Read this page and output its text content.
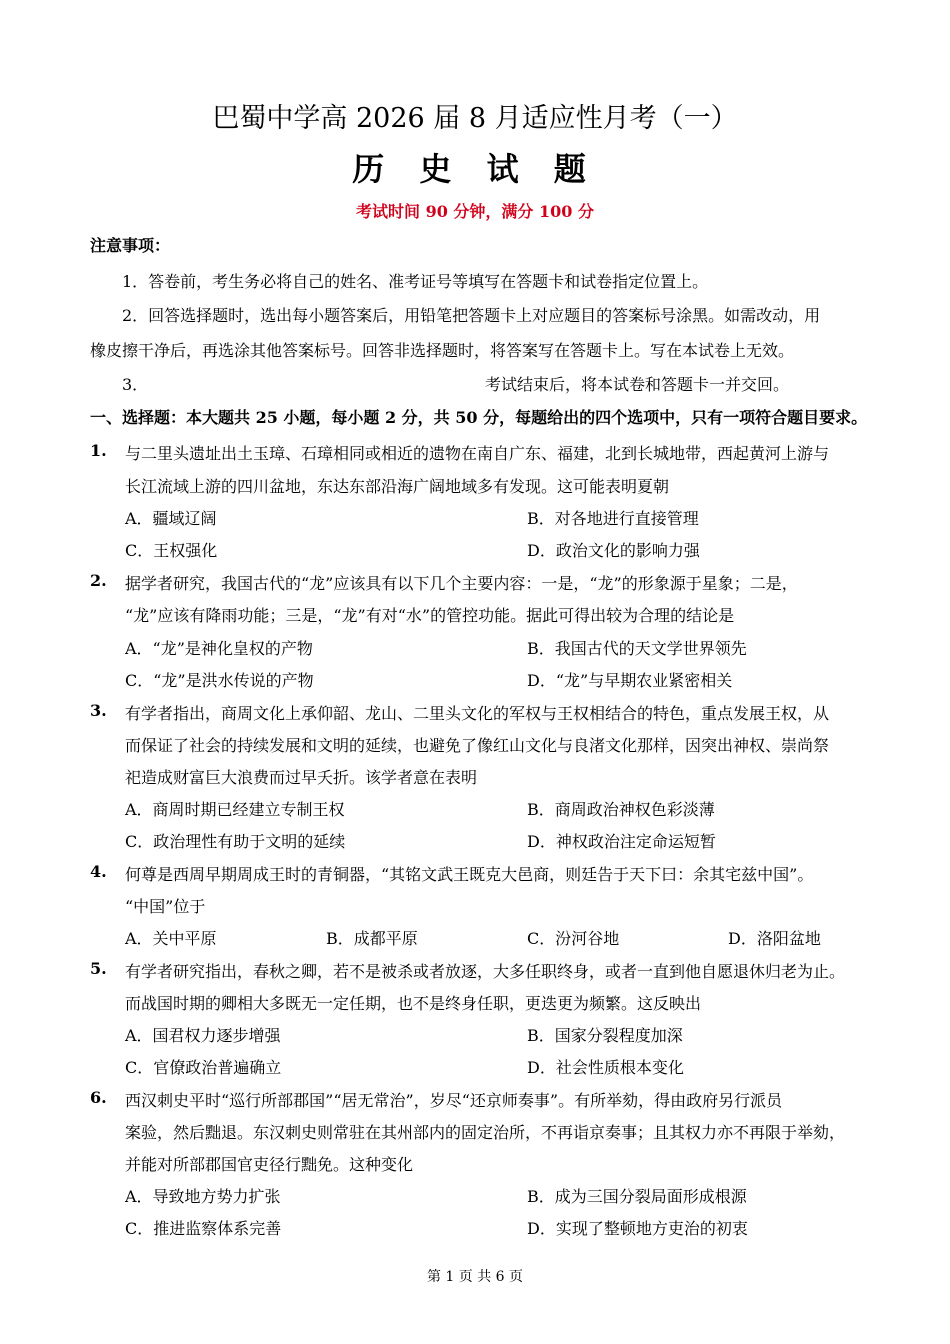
巴蜀中学高 2026 届 8 月适应性月考（一）
历 史 试 题
考试时间 90 分钟，满分 100 分
注意事项：
1．答卷前，考生务必将自己的姓名、准考证号等填写在答题卡和试卷指定位置上。
2．回答选择题时，选出每小题答案后，用铅笔把答题卡上对应题目的答案标号涂黑。如需改动，用
橡皮擦干净后，再选涂其他答案标号。回答非选择题时，将答案写在答题卡上。写在本试卷上无效。
3．	考试结束后，将本试卷和答题卡一并交回。
一、选择题：本大题共 25 小题，每小题 2 分，共 50 分，每题给出的四个选项中，只有一项符合题目要求。
1. 与二里头遗址出土玉璋、石璋相同或相近的遗物在南自广东、福建，北到长城地带，西起黄河上游与
长江流域上游的四川盆地，东达东部沿海广阔地域多有发现。这可能表明夏朝
A．疆域辽阔	B．对各地进行直接管理
C．王权强化	D．政治文化的影响力强
2. 据学者研究，我国古代的“龙”应该具有以下几个主要内容：一是，“龙”的形象源于星象；二是，
“龙”应该有降雨功能；三是，“龙”有对“水”的管控功能。据此可得出较为合理的结论是
A．“龙”是神化皇权的产物	B．我国古代的天文学世界领先
C．“龙”是洪水传说的产物	D．“龙”与早期农业紧密相关
3. 有学者指出，商周文化上承仰韶、龙山、二里头文化的军权与王权相结合的特色，重点发展王权，从
而保证了社会的持续发展和文明的延续，也避免了像红山文化与良渚文化那样，因突出神权、崇尚祭
祀造成财富巨大浪费而过早夭折。该学者意在表明
A．商周时期已经建立专制王权	B．商周政治神权色彩淡薄
C．政治理性有助于文明的延续	D．神权政治注定命运短暂
4. 何尊是西周早期周成王时的青铜器，“其铭文武王既克大邑商，则廷告于天下曰：余其宅兹中国”。
“中国”位于
A．关中平原	B．成都平原	C．汾河谷地	D．洛阳盆地
5. 有学者研究指出，春秋之卿，若不是被杀或者放逐，大多任职终身，或者一直到他自愿退休归老为止。
而战国时期的卿相大多既无一定任期，也不是终身任职，更迭更为频繁。这反映出
A．国君权力逐步增强	B．国家分裂程度加深
C．官僚政治普遍确立	D．社会性质根本变化
6. 西汉刺史平时“巡行所部郡国”“居无常治”，岁尽“还京师奏事”。有所举劾，得由政府另行派员
案验，然后黜退。东汉刺史则常驻在其州部内的固定治所，不再诣京奏事；且其权力亦不再限于举劾，
并能对所部郡国官吏径行黜免。这种变化
A．导致地方势力扩张	B．成为三国分裂局面形成根源
C．推进监察体系完善	D．实现了整顿地方吏治的初衷
第 1 页 共 6 页
